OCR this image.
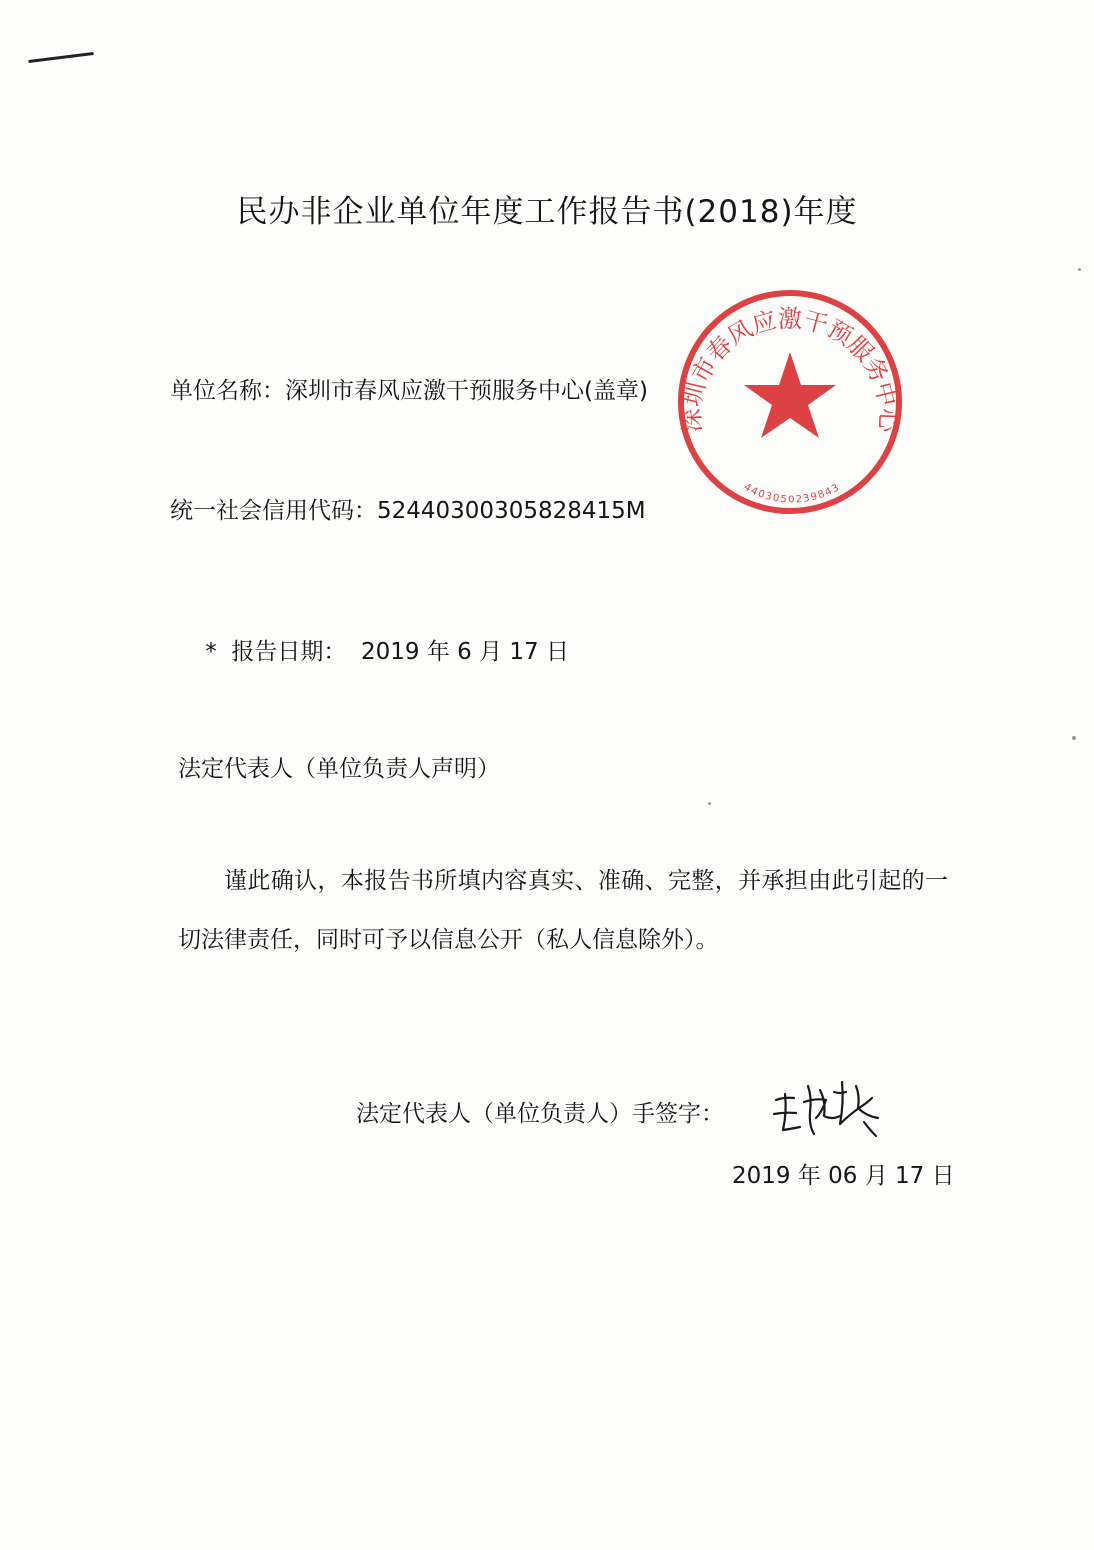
民办非企业单位年度工作报告书(2018)年度
单位名称：深圳市春风应激干预服务中心(盖章)
统一社会信用代码：52440300305828415M

*  报告日期： 2019 年 6 月 17 日

法定代表人（单位负责人声明）
谨此确认，本报告书所填内容真实、准确、完整，并承担由此引起的一切法律责任，同时可予以信息公开（私人信息除外）。
法定代表人（单位负责人）手签字：
2019 年 06 月 17 日
深圳市春风应激干预服务中心
4403050239843
